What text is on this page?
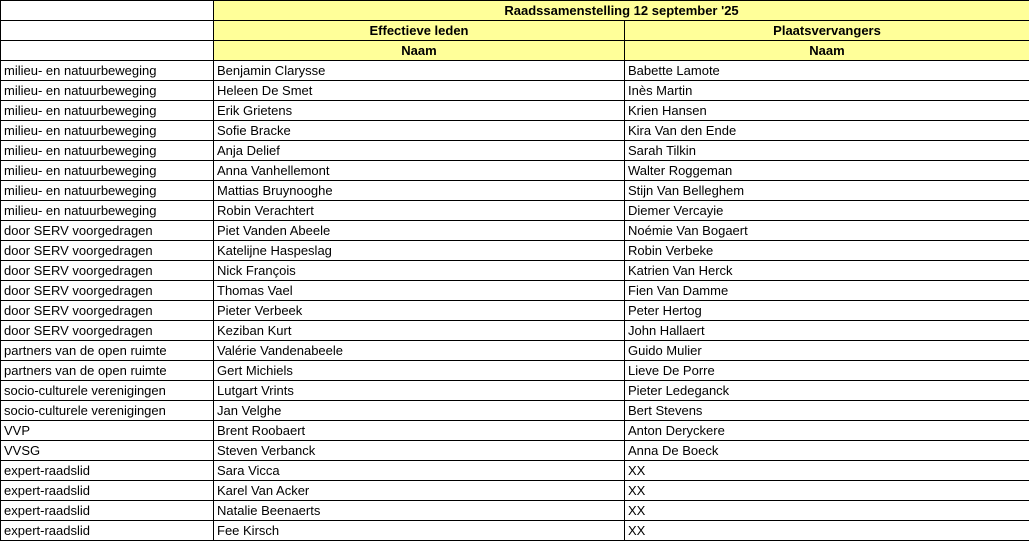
	Raadssamenstelling 12 september '25	
	Effectieve leden	Plaatsvervangers
	Naam	Naam
milieu- en natuurbeweging	Benjamin Clarysse	Babette Lamote
milieu- en natuurbeweging	Heleen De Smet	Inès Martin
milieu- en natuurbeweging	Erik Grietens	Krien Hansen
milieu- en natuurbeweging	Sofie Bracke	Kira Van den Ende
milieu- en natuurbeweging	Anja Delief	Sarah Tilkin
milieu- en natuurbeweging	Anna Vanhellemont	Walter Roggeman
milieu- en natuurbeweging	Mattias Bruynooghe	Stijn Van Belleghem
milieu- en natuurbeweging	Robin Verachtert	Diemer Vercayie
door SERV voorgedragen	Piet Vanden Abeele	Noémie Van Bogaert
door SERV voorgedragen	Katelijne Haspeslag	Robin Verbeke
door SERV voorgedragen	Nick François	Katrien Van Herck
door SERV voorgedragen	Thomas Vael	Fien Van Damme
door SERV voorgedragen	Pieter Verbeek	Peter Hertog
door SERV voorgedragen	Keziban Kurt	John Hallaert
partners van de open ruimte	Valérie Vandenabeele	Guido Mulier
partners van de open ruimte	Gert Michiels	Lieve De Porre
socio-culturele verenigingen	Lutgart Vrints	Pieter Ledeganck
socio-culturele verenigingen	Jan Velghe	Bert Stevens
VVP	Brent Roobaert	Anton Deryckere
VVSG	Steven Verbanck	Anna De Boeck
expert-raadslid	Sara Vicca	XX
expert-raadslid	Karel Van Acker	XX
expert-raadslid	Natalie Beenaerts	XX
expert-raadslid	Fee Kirsch	XX
